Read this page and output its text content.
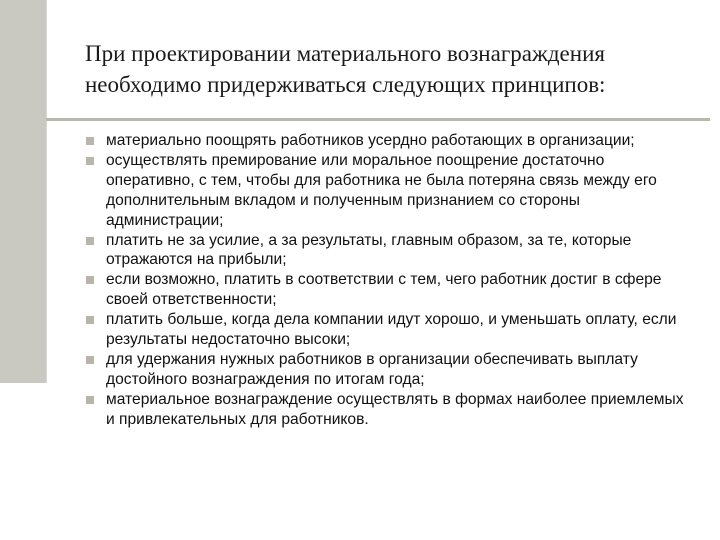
При проектировании материального вознаграждения необходимо придерживаться следующих принципов:
материально поощрять работников усердно работающих в организации;
осуществлять премирование или моральное поощрение достаточно оперативно, с тем, чтобы для работника не была потеряна связь между его дополнительным вкладом и полученным признанием со стороны администрации;
платить не за усилие, а за результаты, главным образом, за те, которые отражаются на прибыли;
если возможно, платить в соответствии с тем, чего работник достиг в сфере своей ответственности;
платить больше, когда дела компании идут хорошо, и уменьшать оплату, если результаты недостаточно высоки;
для удержания нужных работников в организации обеспечивать выплату достойного вознаграждения по итогам года;
материальное вознаграждение осуществлять в формах наиболее приемлемых и привлекательных для работников.
